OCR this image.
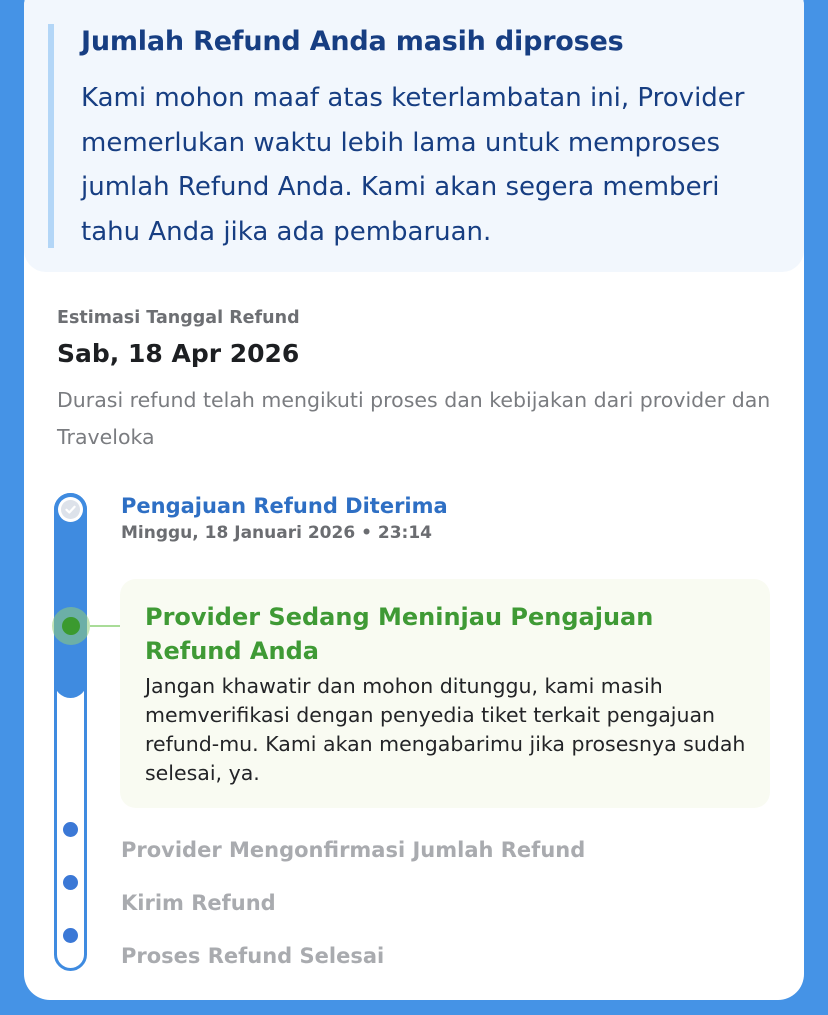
Jumlah Refund Anda masih diproses
Kami mohon maaf atas keterlambatan ini, Provider memerlukan waktu lebih lama untuk memproses jumlah Refund Anda. Kami akan segera memberi tahu Anda jika ada pembaruan.
Estimasi Tanggal Refund
Sab, 18 Apr 2026
Durasi refund telah mengikuti proses dan kebijakan dari provider dan Traveloka
Pengajuan Refund Diterima
Minggu, 18 Januari 2026 • 23:14
Provider Sedang Meninjau Pengajuan Refund Anda
Jangan khawatir dan mohon ditunggu, kami masih memverifikasi dengan penyedia tiket terkait pengajuan refund-mu. Kami akan mengabarimu jika prosesnya sudah selesai, ya.
Provider Mengonfirmasi Jumlah Refund
Kirim Refund
Proses Refund Selesai
